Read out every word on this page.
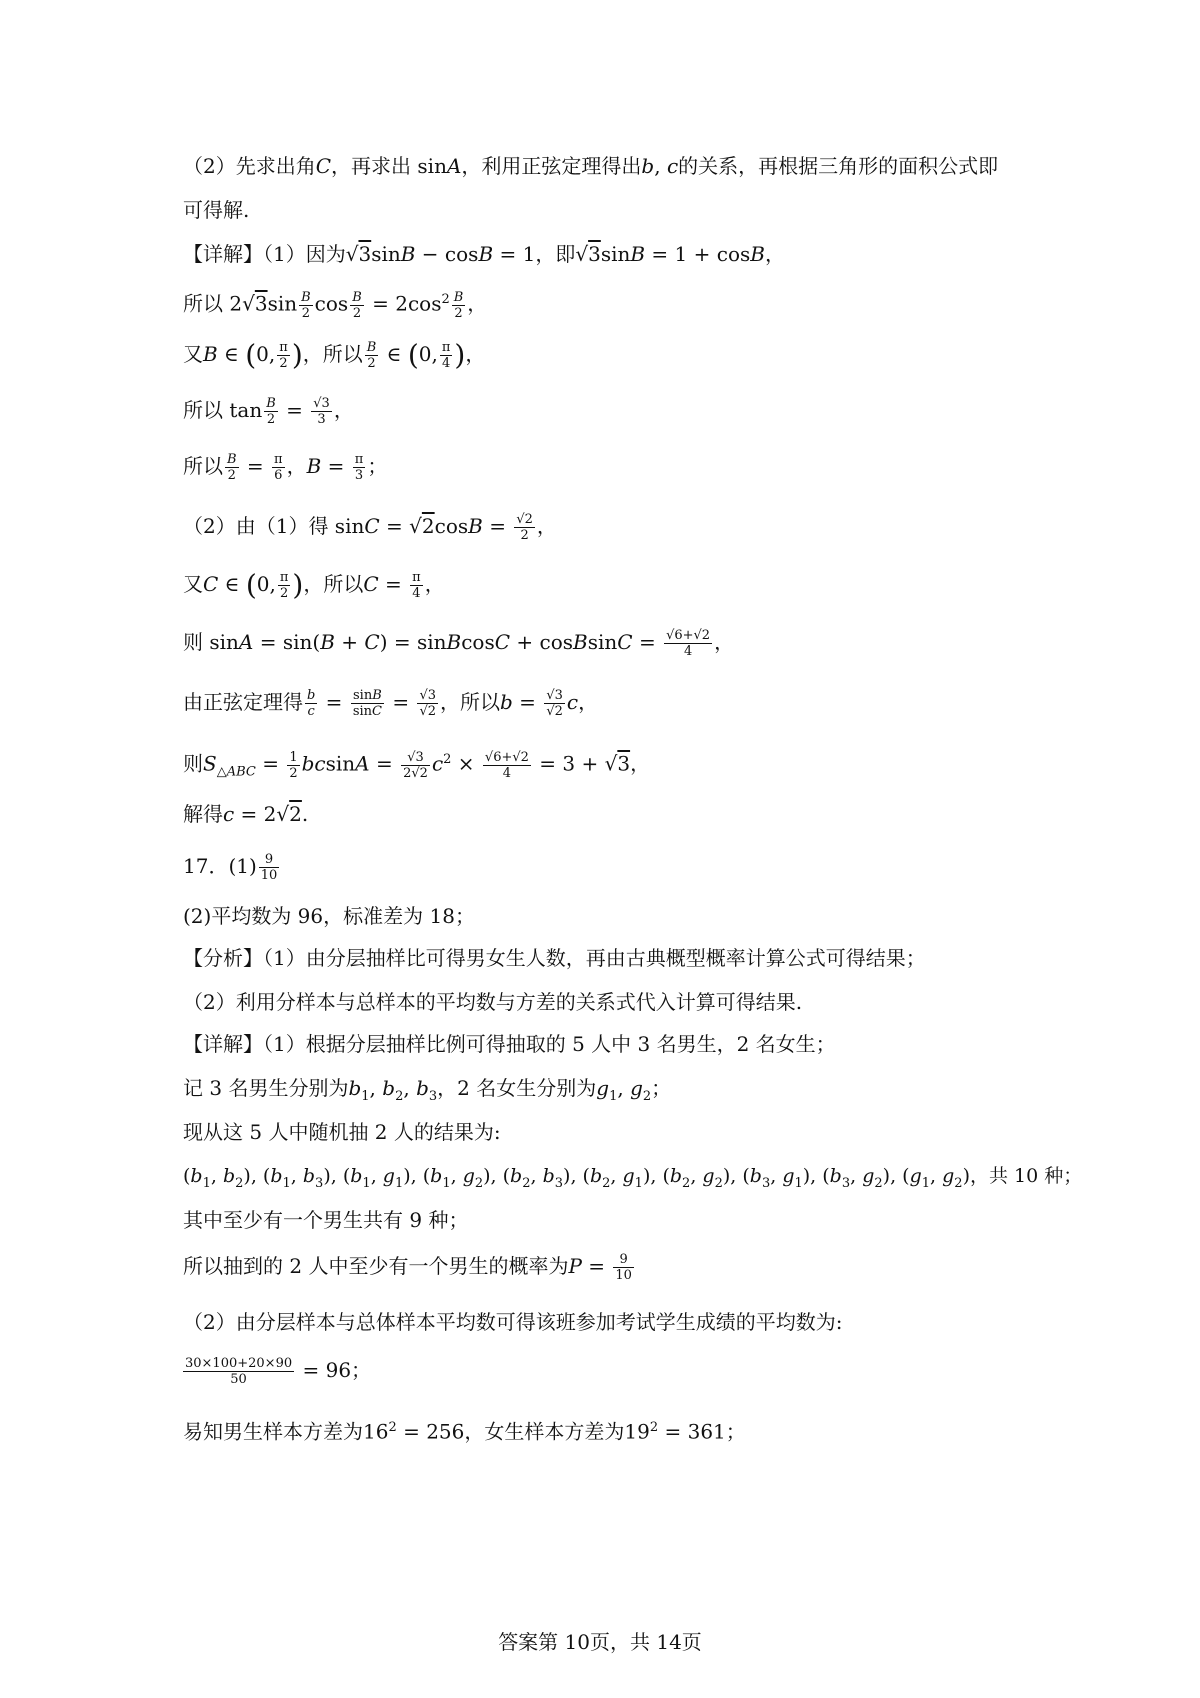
（2）先求出角C，再求出 sinA，利用正弦定理得出b, c的关系，再根据三角形的面积公式即
可得解.
【详解】（1）因为√3sinB − cosB = 1，即√3sinB = 1 + cosB，
所以 $2√3\sin \frac{B}{2}$ $\cos \frac{B}{2} = 2\cos^2 \frac{B}{2}$ ，
又B ∈ (0, $\frac{\pi}{2}$ )，所以 $\frac{B}{2}$ ∈ (0, $\frac{\pi}{4}$ )，
所以 $\tan \frac{B}{2} = \frac{√3}{3}$ ，
所以 $\frac{B}{2} = \frac{\pi}{6}$ ，$B = \frac{\pi}{3}$ ；
（2）由（1）得 $\sin C = √2\cos B = \frac{√2}{2}$ ，
又C ∈ (0, $\frac{\pi}{2}$ )，所以$C = \frac{\pi}{4}$ ，
则 sinA = sin(B + C) = sinBcosC + cosBsinC = $\frac{√6+√2}{4}$ ，
由正弦定理得 $\frac{b}{c} = \frac{\sin B}{\sin C} = \frac{√3}{√2}$ ，所以$b = \frac{√3}{√2}$ c，
则$S_{\triangle ABC} = \frac{1}{2}$ $bcsinA = \frac{√3}{2√2} c^2 \times \frac{√6+√2}{4} = 3 + √3$，
解得c = 2√2.
17．$(1) \frac{9}{10}$
(2)平均数为 96，标准差为 18；
【分析】（1）由分层抽样比可得男女生人数，再由古典概型概率计算公式可得结果；
（2）利用分样本与总样本的平均数与方差的关系式代入计算可得结果.
【详解】（1）根据分层抽样比例可得抽取的 5 人中 3 名男生，2 名女生；
记 3 名男生分别为$b_1$, $b_2$, $b_3$，2 名女生分别为$g_1$, $g_2$；
现从这 5 人中随机抽 2 人的结果为:
($b_1$, $b_2$), ($b_1$, $b_3$), ($b_1$, $g_1$), ($b_1$, $g_2$), ($b_2$, $b_3$), ($b_2$, $g_1$), ($b_2$, $g_2$), ($b_3$, $g_1$), ($b_3$, $g_2$), ($g_1$, $g_2$)，共 10 种；
其中至少有一个男生共有 9 种；
所以抽到的 2 人中至少有一个男生的概率为$P = \frac{9}{10}$
（2）由分层样本与总体样本平均数可得该班参加考试学生成绩的平均数为:
$\frac{30\times 100+20\times 90}{50} = 96$；
易知男生样本方差为$16^2 = 256$，女生样本方差为$19^2 = 361$；
答案第 10页，共 14页
